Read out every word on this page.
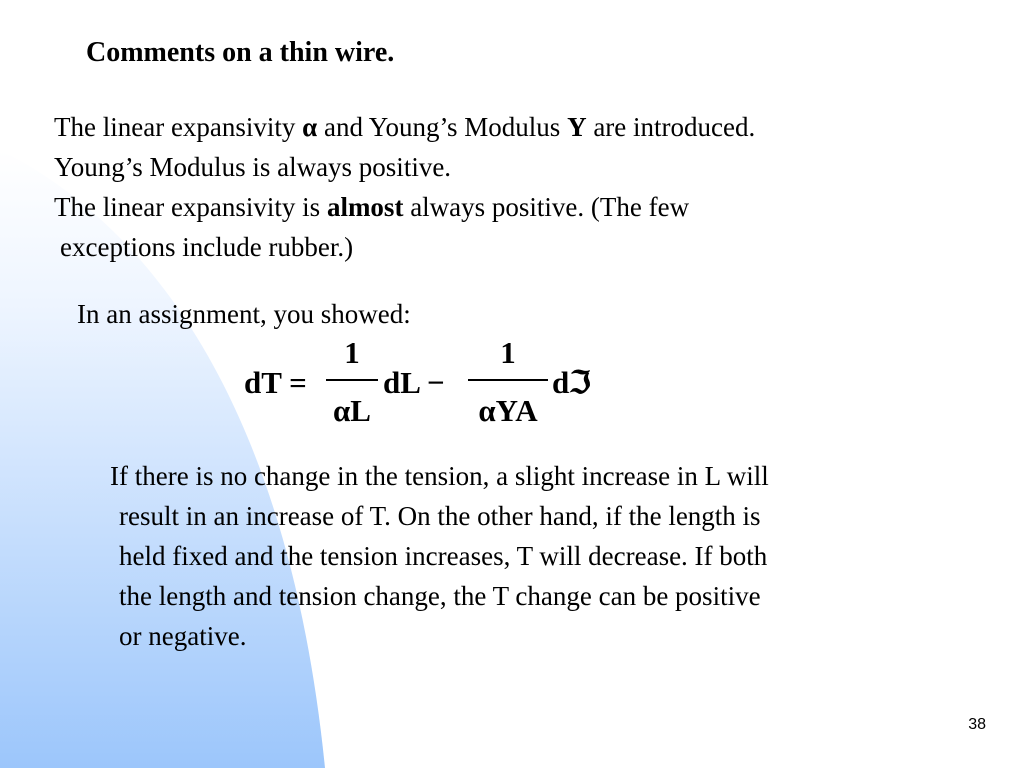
Comments on a thin wire.
The linear expansivity α and Young’s Modulus Y are introduced.
Young’s Modulus is always positive.
The linear expansivity is almost always positive. (The few
exceptions include rubber.)

In an assignment, you showed:

dT =
1
αL
dL −
1
αYA
dℑ
If there is no change in the tension, a slight increase in L will
result in an increase of T. On the other hand, if the length is
held fixed and the tension increases, T will decrease. If both
the length and tension change, the T change can be positive
or negative.
38
